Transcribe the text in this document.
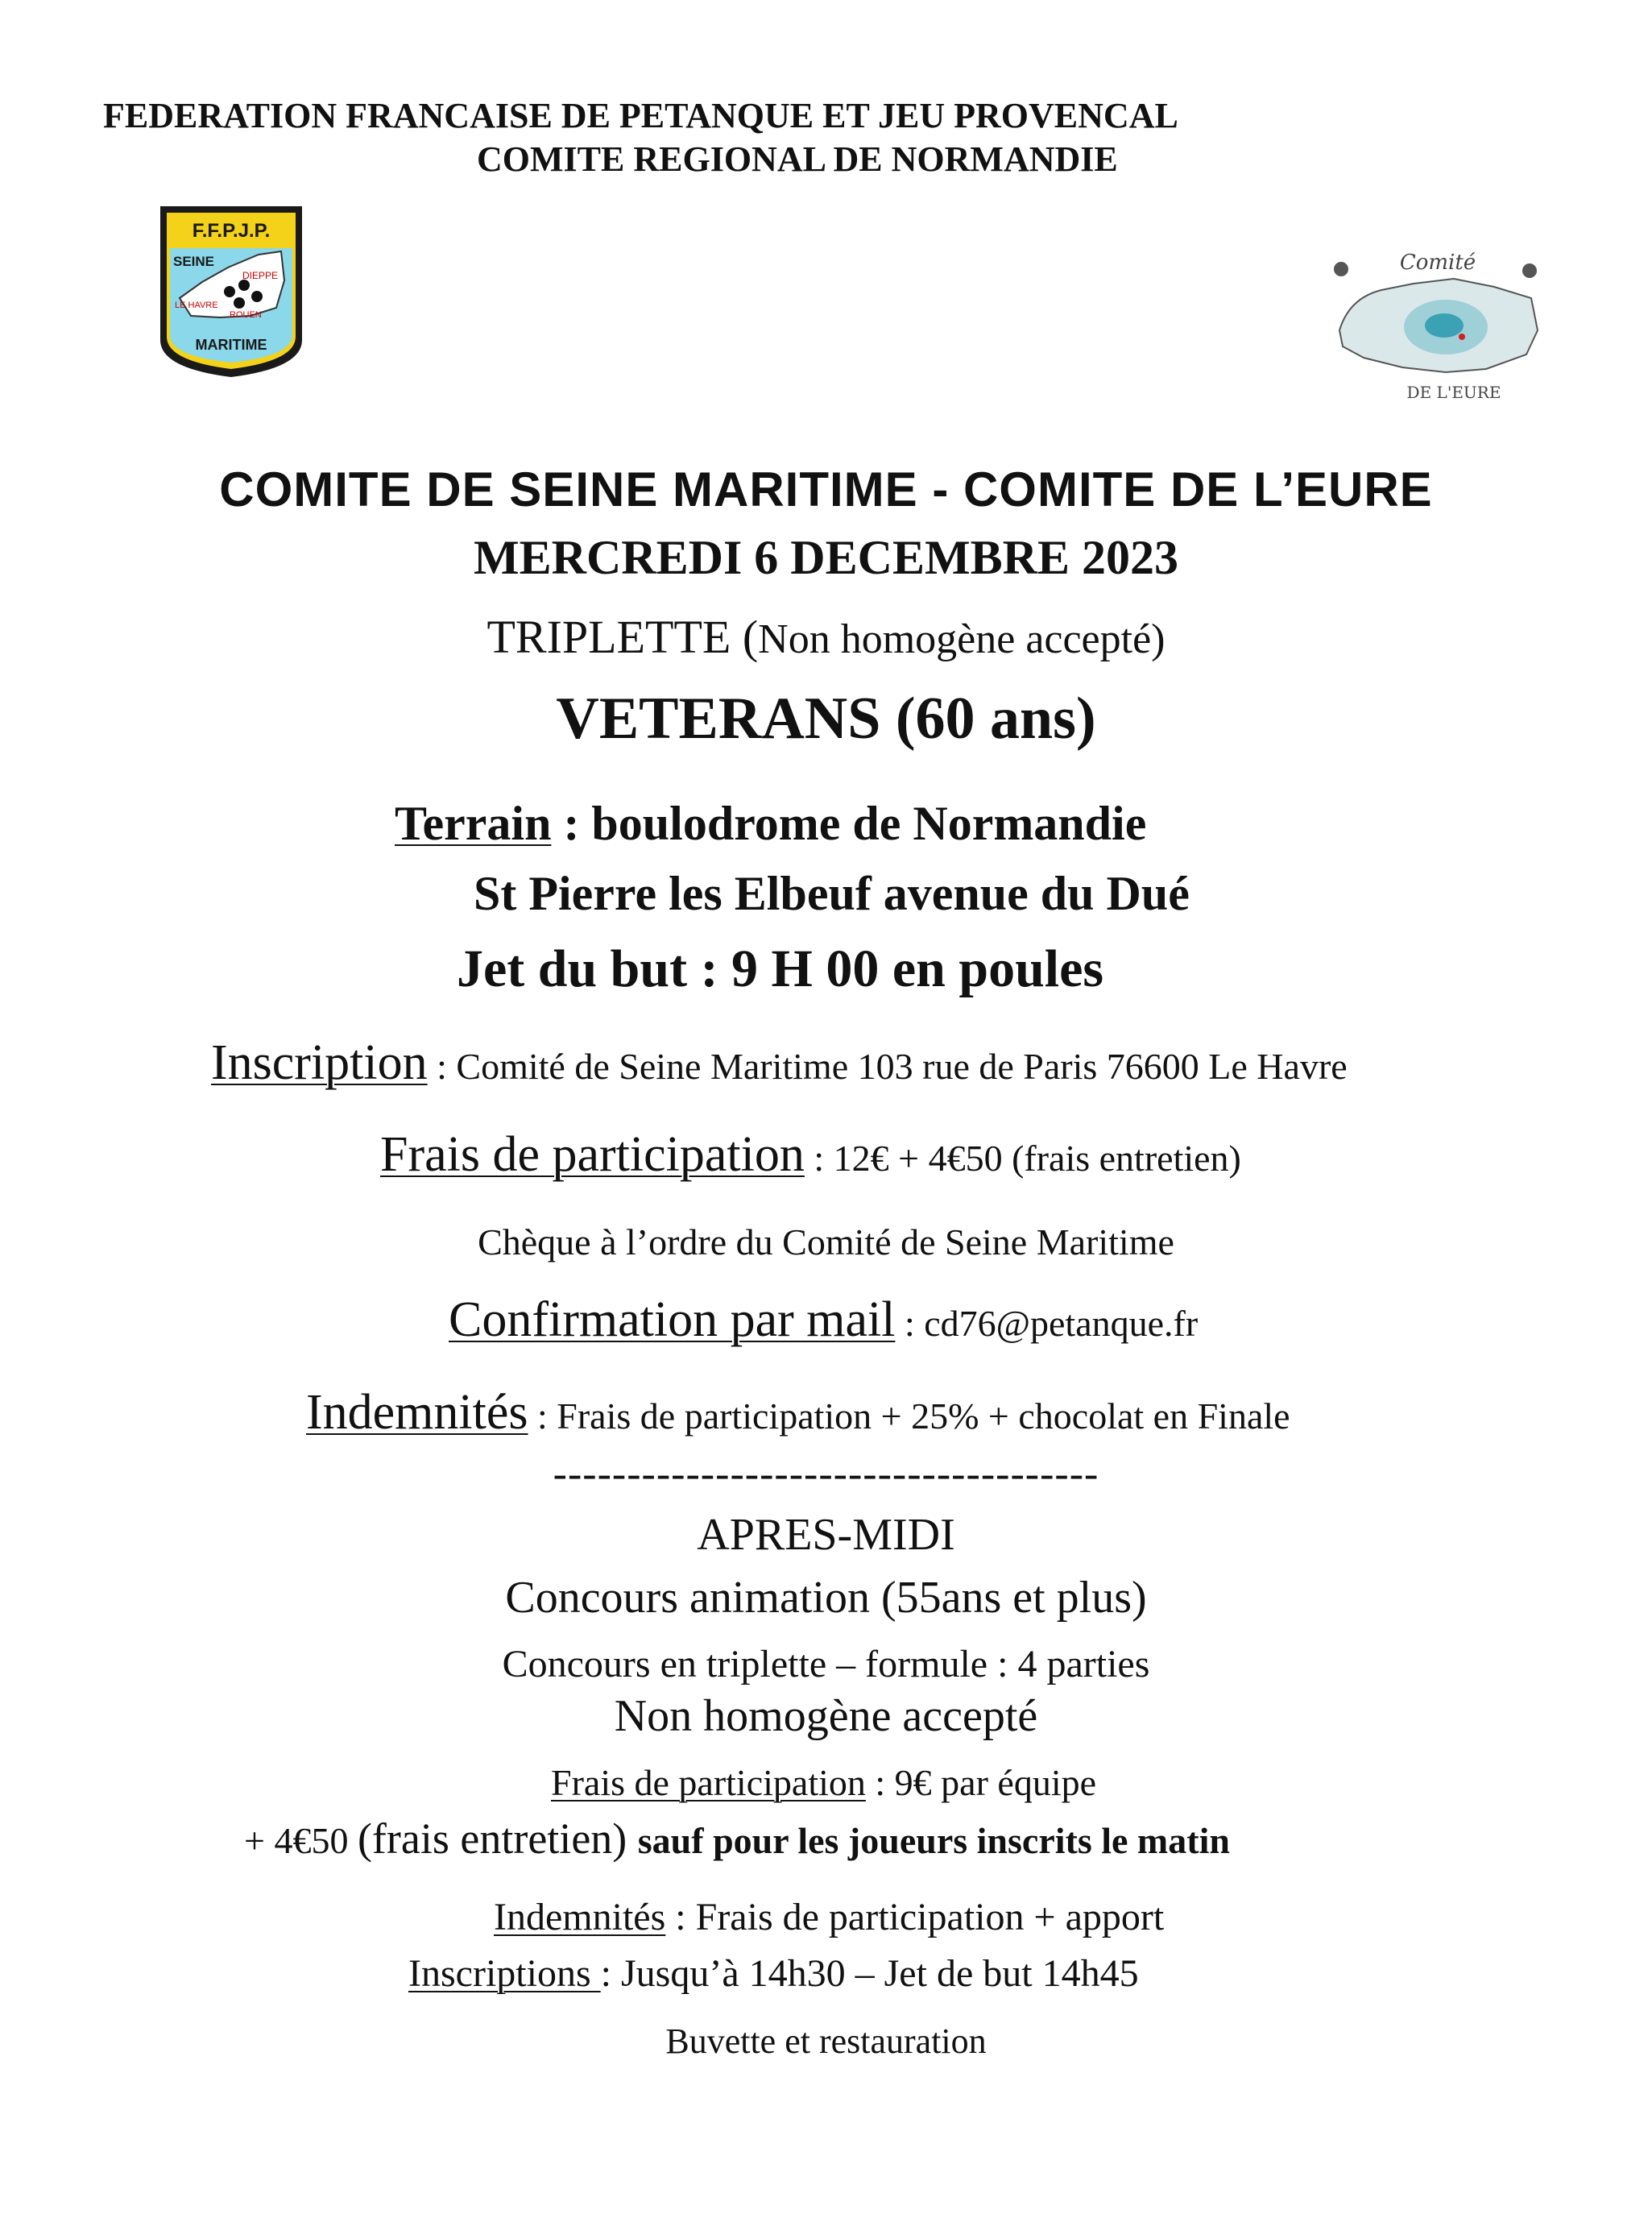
FEDERATION FRANCAISE DE PETANQUE ET JEU PROVENCAL
COMITE REGIONAL DE NORMANDIE
F.F.P.J.P.
SEINE
DIEPPE
LE HAVRE
ROUEN
MARITIME
Comité
DE L'EURE
COMITE DE SEINE MARITIME - COMITE DE L’EURE
MERCREDI 6 DECEMBRE 2023
TRIPLETTE (Non homogène accepté)
VETERANS (60 ans)
Terrain : boulodrome de Normandie
St Pierre les Elbeuf avenue du Dué
Jet du but : 9 H 00 en poules
Inscription : Comité de Seine Maritime 103 rue de Paris 76600 Le Havre
Frais de participation : 12€ + 4€50 (frais entretien)
Chèque à l’ordre du Comité de Seine Maritime
Confirmation par mail : cd76@petanque.fr
Indemnités : Frais de participation + 25% + chocolat en Finale
-------------------------------------
APRES-MIDI
Concours animation (55ans et plus)
Concours en triplette – formule : 4 parties
Non homogène accepté
Frais de participation : 9€ par équipe
+ 4€50 (frais entretien) sauf pour les joueurs inscrits le matin
Indemnités : Frais de participation + apport
Inscriptions : Jusqu’à 14h30 – Jet de but 14h45
Buvette et restauration
